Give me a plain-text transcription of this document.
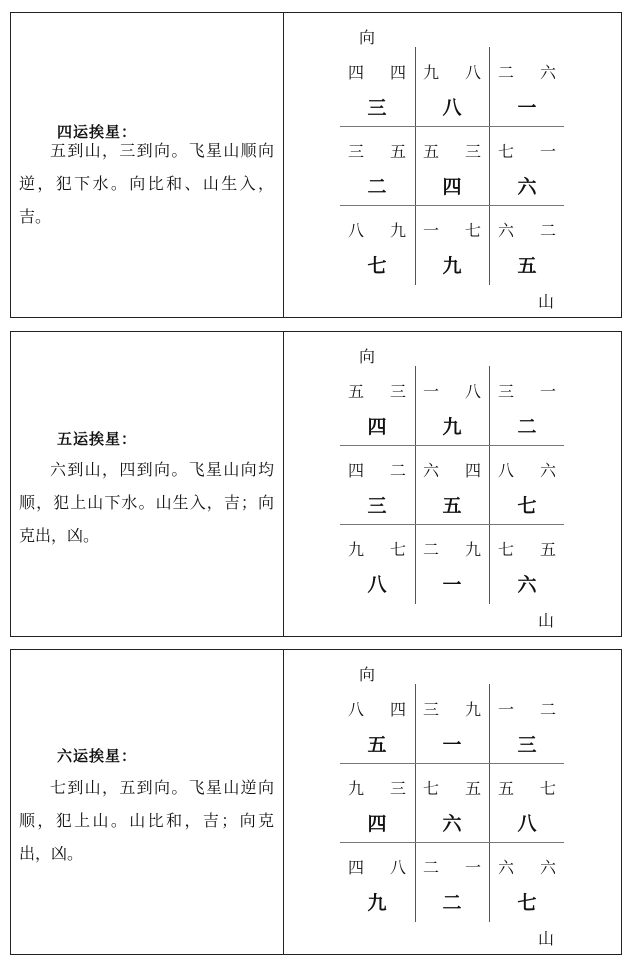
四运挨星：

五到山，三到向。飞星山顺向逆，犯下水。向比和、山生入，吉。

向
四 四
三
九 八
八
二 六
一
三 五
二
五 三
四
七 一
六
八 九
七
一 七
九
六 二
五
山
五运挨星：

六到山，四到向。飞星山向均顺，犯上山下水。山生入，吉；向克出，凶。

向
五 三
四
一 八
九
三 一
二
四 二
三
六 四
五
八 六
七
九 七
八
二 九
一
七 五
六
山
六运挨星：

七到山，五到向。飞星山逆向顺，犯上山。山比和，吉；向克出，凶。

向
八 四
五
三 九
一
一 二
三
九 三
四
七 五
六
五 七
八
四 八
九
二 一
二
六 六
七
山
